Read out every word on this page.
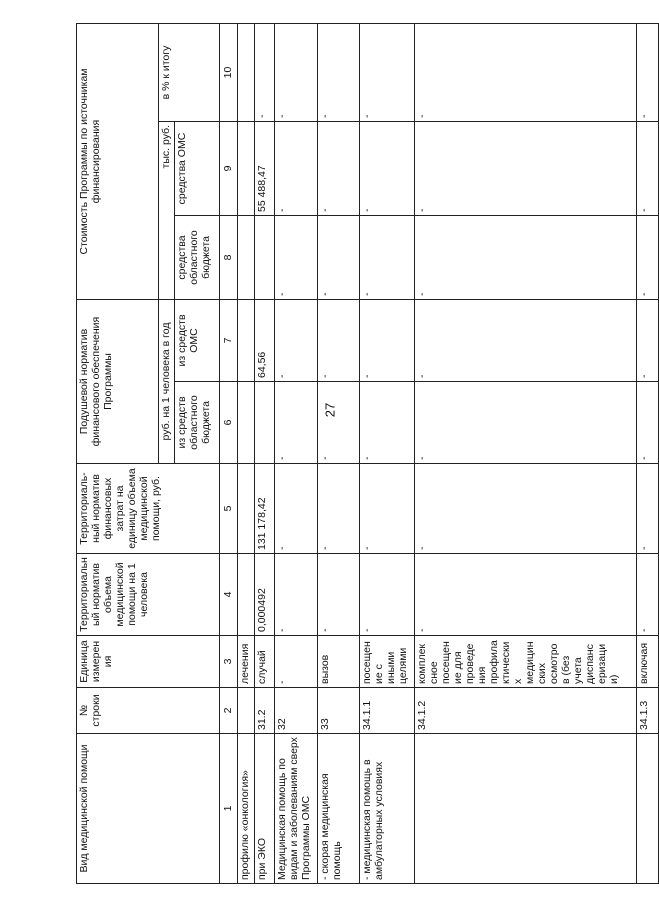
27
Вид медицинской помощи	№ строки	Единица измерения	Территориальный норматив объема медицинской помощи на 1 человека	Территориаль-ный норматив финансовых затрат на единицу объема медицинской помощи, руб.	Подушевой норматив финансового обеспечения Программы		Стоимость Программы по источникам финансирования		
					руб. на 1 человека в год		тыс. руб.		в % к итогу
					из средств областного бюджета	из средств ОМС	средства областного бюджета	средства ОМС	
1	2	3	4	5	6	7	8	9	10
профилю «онкология»		лечения							
при ЭКО	31.2	случай	0,000492	131 178,42		64,56		55 488,47	-
Медицинская помощь по видам и заболеваниям сверх Программы ОМС	32	-	-	-	-	-	-	-	-
- скорая медицинская помощь	33	вызов	-	-	-	-	-	-	-
- медицинская помощь в амбулаторных условиях	34.1.1	посещение с иными целями	-	-	-	-	-	-	-
	34.1.2	комплексное посещение для проведения профилактических медицинских осмотров (без учета диспансеризации)	-	-	-	-	-	-	-
	34.1.3	включая	-	-	-	-	-	-	-
